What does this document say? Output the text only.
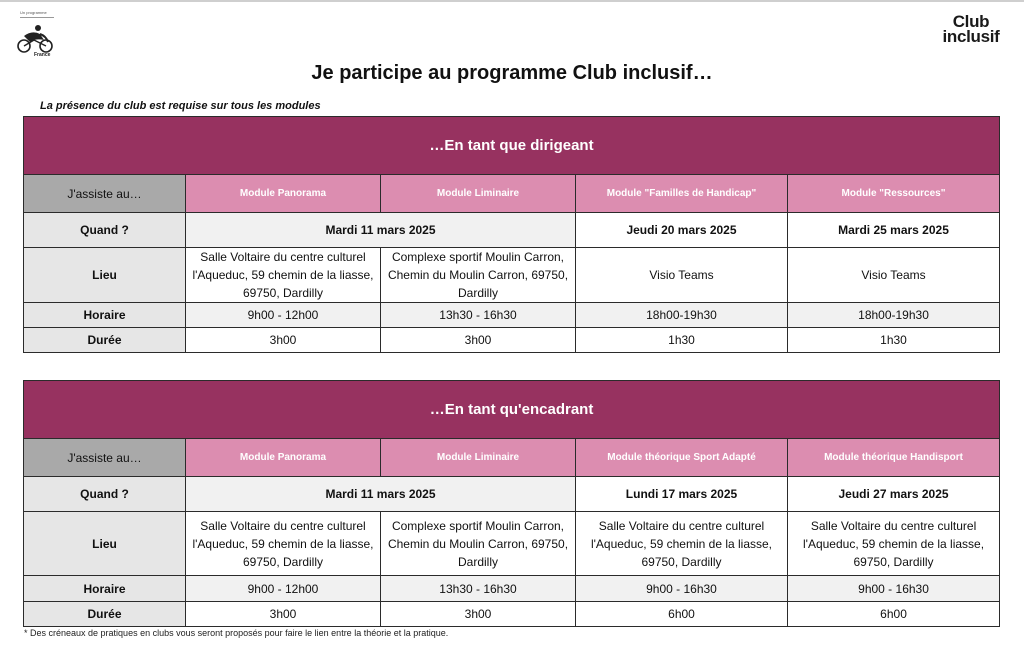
Un programme
France
Club
inclusif
Je participe au programme Club inclusif…
La présence du club est requise sur tous les modules
…En tant que dirigeant				
J'assiste au…	Module Panorama	Module Liminaire	Module "Familles de Handicap"	Module "Ressources"
Quand ?	Mardi 11 mars 2025		Jeudi 20 mars 2025	Mardi 25 mars 2025
Lieu	Salle Voltaire du centre culturel l'Aqueduc, 59 chemin de la liasse, 69750, Dardilly	Complexe sportif Moulin Carron, Chemin du Moulin Carron, 69750, Dardilly	Visio Teams	Visio Teams
Horaire	9h00 - 12h00	13h30 - 16h30	18h00-19h30	18h00-19h30
Durée	3h00	3h00	1h30	1h30
…En tant qu'encadrant				
J'assiste au…	Module Panorama	Module Liminaire	Module théorique Sport Adapté	Module théorique Handisport
Quand ?	Mardi 11 mars 2025		Lundi 17 mars 2025	Jeudi 27 mars 2025
Lieu	Salle Voltaire du centre culturel l'Aqueduc, 59 chemin de la liasse, 69750, Dardilly	Complexe sportif Moulin Carron, Chemin du Moulin Carron, 69750, Dardilly	Salle Voltaire du centre culturel l'Aqueduc, 59 chemin de la liasse, 69750, Dardilly	Salle Voltaire du centre culturel l'Aqueduc, 59 chemin de la liasse, 69750, Dardilly
Horaire	9h00 - 12h00	13h30 - 16h30	9h00 - 16h30	9h00 - 16h30
Durée	3h00	3h00	6h00	6h00
* Des créneaux de pratiques en clubs vous seront proposés pour faire le lien entre la théorie et la pratique.
